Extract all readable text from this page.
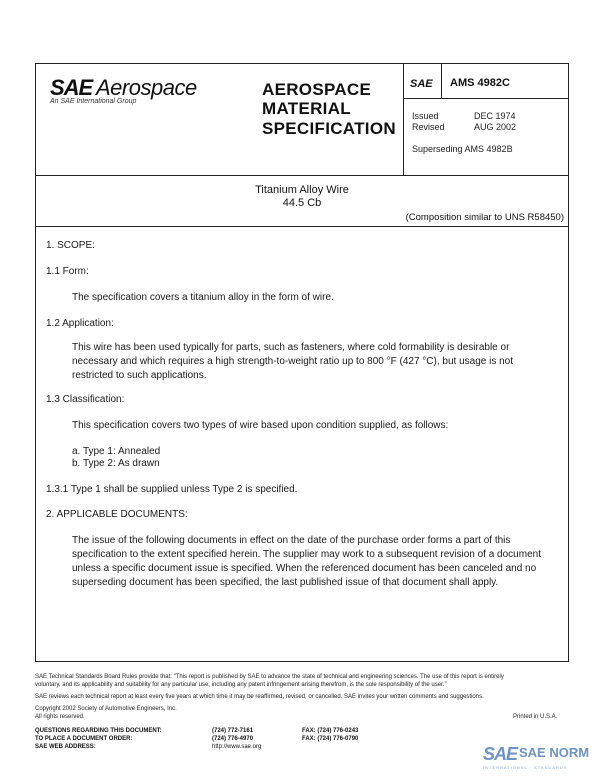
SAE Aerospace
An SAE International Group
AEROSPACE
MATERIAL
SPECIFICATION
SAE AMS 4982C
Issued	DEC 1974
Revised	AUG 2002
Superseding AMS 4982B
Titanium Alloy Wire
44.5 Cb
(Composition similar to UNS R58450)
1. SCOPE:
1.1 Form:
The specification covers a titanium alloy in the form of wire.
1.2 Application:
This wire has been used typically for parts, such as fasteners, where cold formability is desirable or necessary and which requires a high strength-to-weight ratio up to 800 °F (427 °C), but usage is not restricted to such applications.
1.3 Classification:
This specification covers two types of wire based upon condition supplied, as follows:
a. Type 1: Annealed
b. Type 2: As drawn
1.3.1 Type 1 shall be supplied unless Type 2 is specified.
2. APPLICABLE DOCUMENTS:
The issue of the following documents in effect on the date of the purchase order forms a part of this specification to the extent specified herein. The supplier may work to a subsequent revision of a document unless a specific document issue is specified. When the referenced document has been canceled and no superseding document has been specified, the last published issue of that document shall apply.
SAE Technical Standards Board Rules provide that: "This report is published by SAE to advance the state of technical and engineering sciences. The use of this report is entirely
voluntary, and its applicability and suitability for any particular use, including any patent infringement arising therefrom, is the sole responsibility of the user."
SAE reviews each technical report at least every five years at which time it may be reaffirmed, revised, or cancelled. SAE invites your written comments and suggestions.
Copyright 2002 Society of Automotive Engineers, Inc.
All rights reserved.	Printed in U.S.A.
QUESTIONS REGARDING THIS DOCUMENT:	(724) 772-7161	FAX: (724) 776-0243
TO PLACE A DOCUMENT ORDER:	(724) 776-4970	FAX: (724) 776-0790
SAE WEB ADDRESS:	http://www.sae.org	SAE SAE NORM
INTERNATIONAL · STANDARDS
